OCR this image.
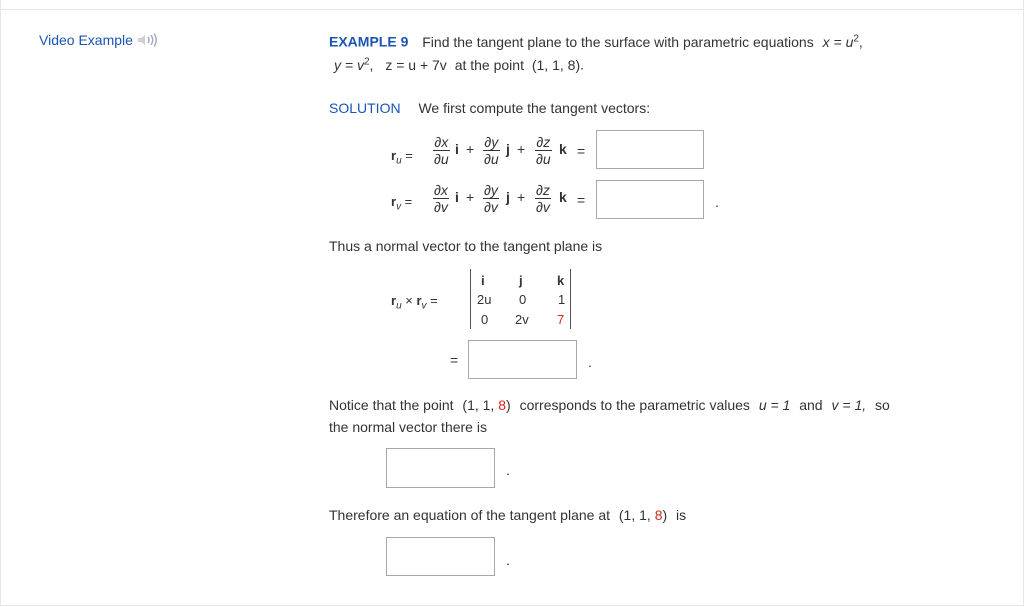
Video Example	EXAMPLE 9 Find the tangent plane to the surface with parametric equations $x = u^2$,
$y = v^2$, z = u + 7v at the point (1, 1, 8).
SOLUTION We first compute the tangent vectors:
$r_u = \frac{\partial x}{\partial u}$ $i + \frac{\partial y}{\partial u}$ $j + \frac{\partial z}{\partial u}$ k =
$r_v = \frac{\partial x}{\partial v}$ $i + \frac{\partial y}{\partial v}$ $j + \frac{\partial z}{\partial v}$ k =	.
Thus a normal vector to the tangent plane is
$r_u \times r_v$ =
i	j	k
2u 0 1
0 2v 7
=	.
Notice that the point (1, 1, 8) corresponds to the parametric values u = 1 and v = 1, so
the normal vector there is
.
Therefore an equation of the tangent plane at (1, 1, 8) is
.
